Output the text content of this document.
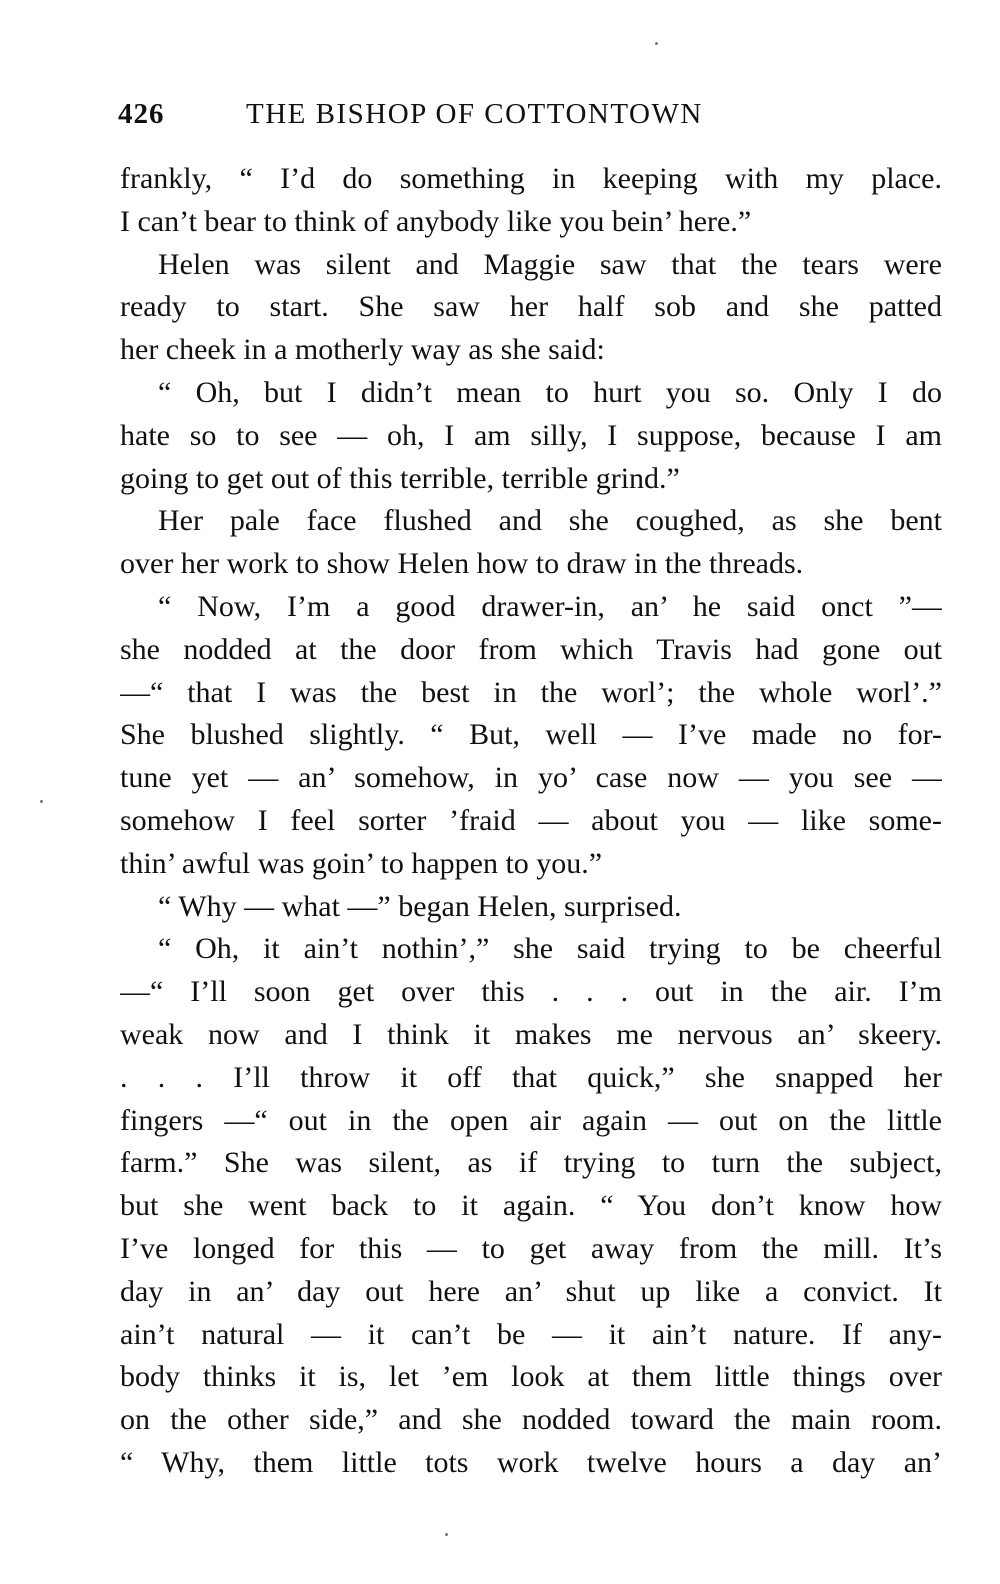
426	THE BISHOP OF COTTONTOWN
frankly, “ I’d do something in keeping with my place.
I can’t bear to think of anybody like you bein’ here.”
Helen was silent and Maggie saw that the tears were
ready to start. She saw her half sob and she patted
her cheek in a motherly way as she said:
“ Oh, but I didn’t mean to hurt you so. Only I do
hate so to see — oh, I am silly, I suppose, because I am
going to get out of this terrible, terrible grind.”
Her pale face flushed and she coughed, as she bent
over her work to show Helen how to draw in the threads.
“ Now, I’m a good drawer-in, an’ he said onct ”—
she nodded at the door from which Travis had gone out
—“ that I was the best in the worl’; the whole worl’.”
She blushed slightly. “ But, well — I’ve made no for-
tune yet — an’ somehow, in yo’ case now — you see —
somehow I feel sorter ’fraid — about you — like some-
thin’ awful was goin’ to happen to you.”
“ Why — what —” began Helen, surprised.
“ Oh, it ain’t nothin’,” she said trying to be cheerful
—“ I’ll soon get over this . . . out in the air. I’m
weak now and I think it makes me nervous an’ skeery.
. . . I’ll throw it off that quick,” she snapped her
fingers —“ out in the open air again — out on the little
farm.” She was silent, as if trying to turn the subject,
but she went back to it again. “ You don’t know how
I’ve longed for this — to get away from the mill. It’s
day in an’ day out here an’ shut up like a convict. It
ain’t natural — it can’t be — it ain’t nature. If any-
body thinks it is, let ’em look at them little things over
on the other side,” and she nodded toward the main room.
“ Why, them little tots work twelve hours a day an’
